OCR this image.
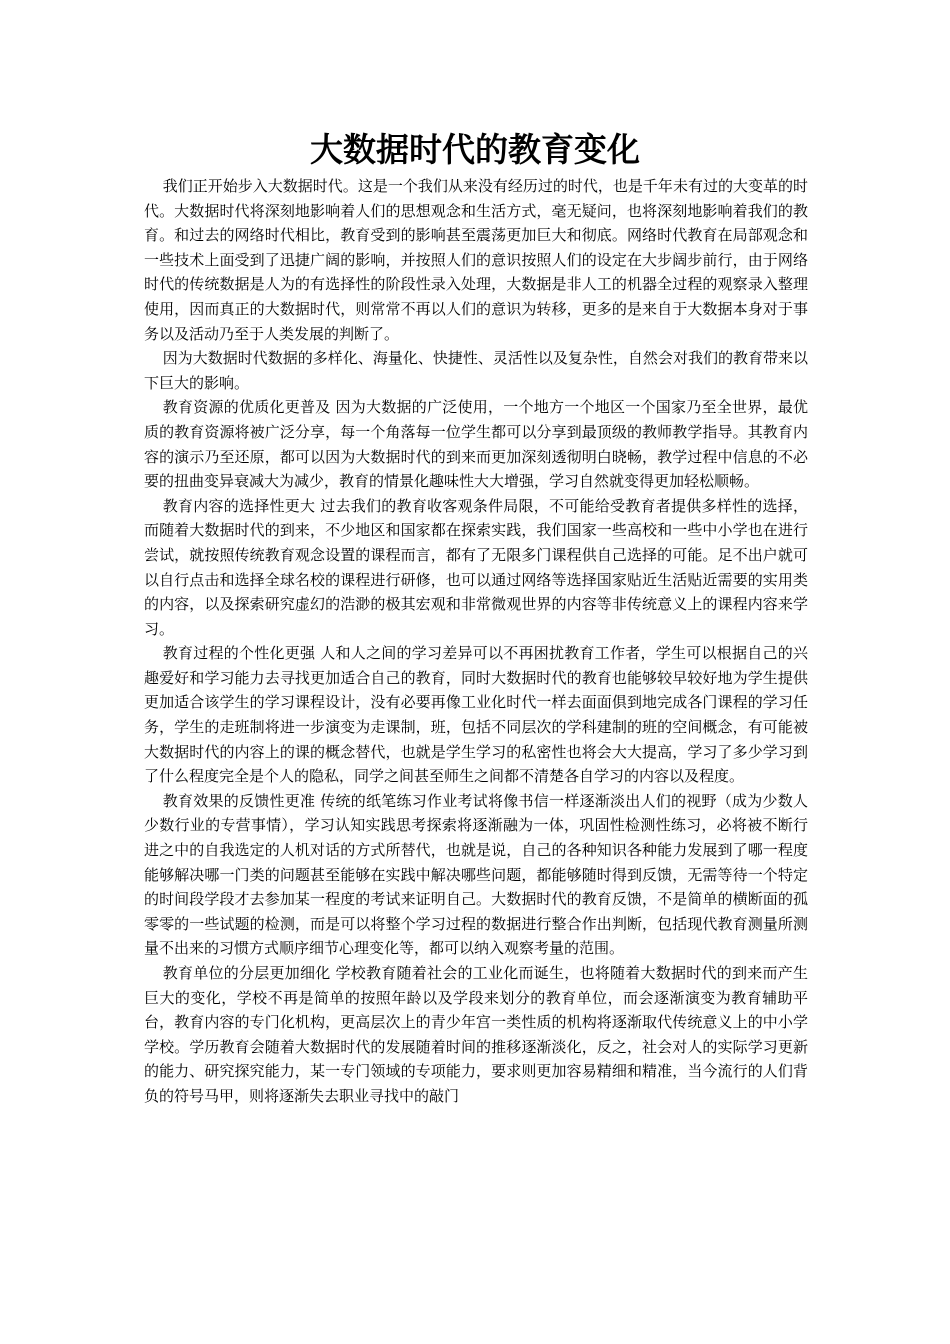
大数据时代的教育变化

我们正开始步入大数据时代。这是一个我们从来没有经历过的时代，也是千年未有过的大变革的时代。大数据时代将深刻地影响着人们的思想观念和生活方式，毫无疑问，也将深刻地影响着我们的教育。和过去的网络时代相比，教育受到的影响甚至震荡更加巨大和彻底。网络时代教育在局部观念和一些技术上面受到了迅捷广阔的影响，并按照人们的意识按照人们的设定在大步阔步前行，由于网络时代的传统数据是人为的有选择性的阶段性录入处理，大数据是非人工的机器全过程的观察录入整理使用，因而真正的大数据时代，则常常不再以人们的意识为转移，更多的是来自于大数据本身对于事务以及活动乃至于人类发展的判断了。

因为大数据时代数据的多样化、海量化、快捷性、灵活性以及复杂性，自然会对我们的教育带来以下巨大的影响。

教育资源的优质化更普及 因为大数据的广泛使用，一个地方一个地区一个国家乃至全世界，最优质的教育资源将被广泛分享，每一个角落每一位学生都可以分享到最顶级的教师教学指导。其教育内容的演示乃至还原，都可以因为大数据时代的到来而更加深刻透彻明白晓畅，教学过程中信息的不必要的扭曲变异衰减大为减少，教育的情景化趣味性大大增强，学习自然就变得更加轻松顺畅。

教育内容的选择性更大 过去我们的教育收客观条件局限，不可能给受教育者提供多样性的选择，而随着大数据时代的到来，不少地区和国家都在探索实践，我们国家一些高校和一些中小学也在进行尝试，就按照传统教育观念设置的课程而言，都有了无限多门课程供自己选择的可能。足不出户就可以自行点击和选择全球名校的课程进行研修，也可以通过网络等选择国家贴近生活贴近需要的实用类的内容，以及探索研究虚幻的浩渺的极其宏观和非常微观世界的内容等非传统意义上的课程内容来学习。

教育过程的个性化更强 人和人之间的学习差异可以不再困扰教育工作者，学生可以根据自己的兴趣爱好和学习能力去寻找更加适合自己的教育，同时大数据时代的教育也能够较早较好地为学生提供更加适合该学生的学习课程设计，没有必要再像工业化时代一样去面面俱到地完成各门课程的学习任务，学生的走班制将进一步演变为走课制，班，包括不同层次的学科建制的班的空间概念，有可能被大数据时代的内容上的课的概念替代，也就是学生学习的私密性也将会大大提高，学习了多少学习到了什么程度完全是个人的隐私，同学之间甚至师生之间都不清楚各自学习的内容以及程度。

教育效果的反馈性更准 传统的纸笔练习作业考试将像书信一样逐渐淡出人们的视野（成为少数人少数行业的专营事情），学习认知实践思考探索将逐渐融为一体，巩固性检测性练习，必将被不断行进之中的自我选定的人机对话的方式所替代，也就是说，自己的各种知识各种能力发展到了哪一程度能够解决哪一门类的问题甚至能够在实践中解决哪些问题，都能够随时得到反馈，无需等待一个特定的时间段学段才去参加某一程度的考试来证明自己。大数据时代的教育反馈，不是简单的横断面的孤零零的一些试题的检测，而是可以将整个学习过程的数据进行整合作出判断，包括现代教育测量所测量不出来的习惯方式顺序细节心理变化等，都可以纳入观察考量的范围。

教育单位的分层更加细化 学校教育随着社会的工业化而诞生，也将随着大数据时代的到来而产生巨大的变化，学校不再是简单的按照年龄以及学段来划分的教育单位，而会逐渐演变为教育辅助平台，教育内容的专门化机构，更高层次上的青少年宫一类性质的机构将逐渐取代传统意义上的中小学学校。学历教育会随着大数据时代的发展随着时间的推移逐渐淡化，反之，社会对人的实际学习更新的能力、研究探究能力，某一专门领域的专项能力，要求则更加容易精细和精准，当今流行的人们背负的符号马甲，则将逐渐失去职业寻找中的敲门
